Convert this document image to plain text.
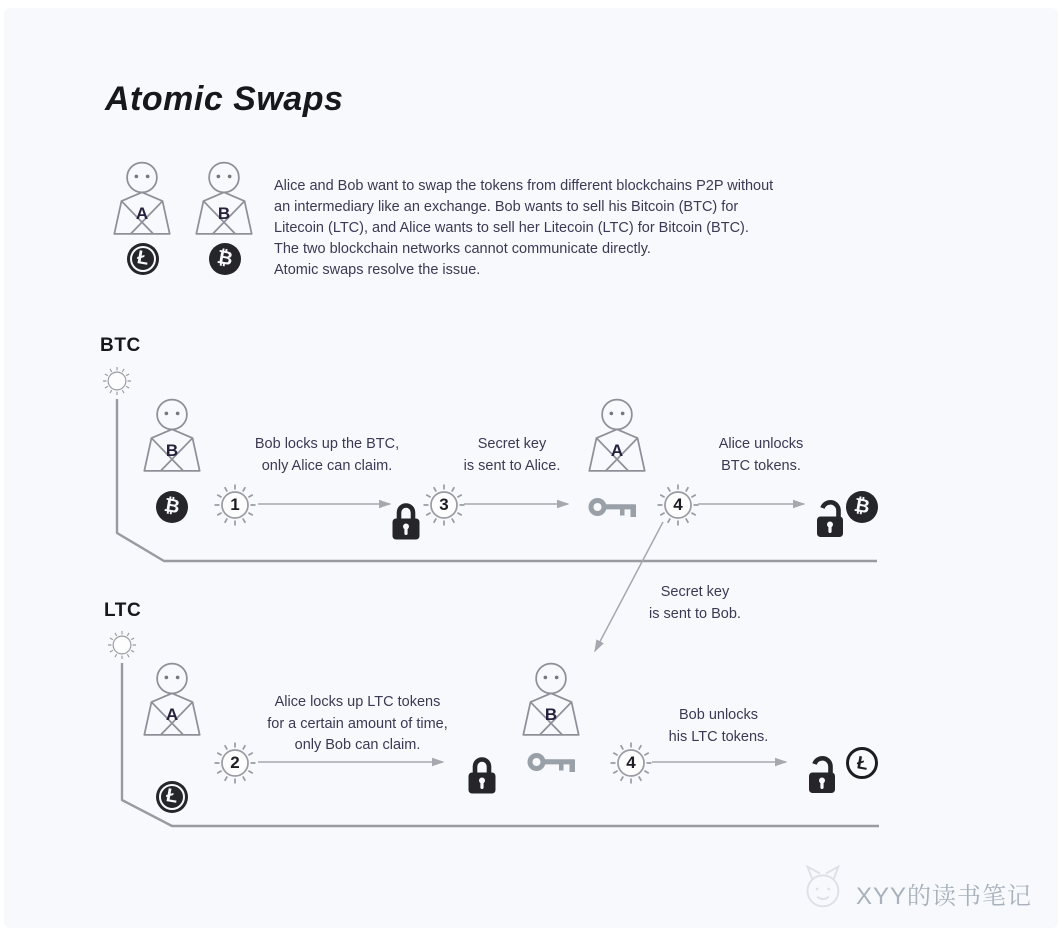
Atomic Swaps
A	B
Ł	₿
Alice and Bob want to swap the tokens from different blockchains P2P without
an intermediary like an exchange. Bob wants to sell his Bitcoin (BTC) for
Litecoin (LTC), and Alice wants to sell her Litecoin (LTC) for Bitcoin (BTC).
The two blockchain networks cannot communicate directly.
Atomic swaps resolve the issue.
BTC
B
₿	1
Bob locks up the BTC,
only Alice can claim.
3
Secret key
is sent to Alice.
A
4
Alice unlocks
BTC tokens.
₿
Secret key
is sent to Bob.
LTC
A
Ł
2
Alice locks up LTC tokens
for a certain amount of time,
only Bob can claim.
B
4
Bob unlocks
his LTC tokens.
Ł
XYY的读书笔记
